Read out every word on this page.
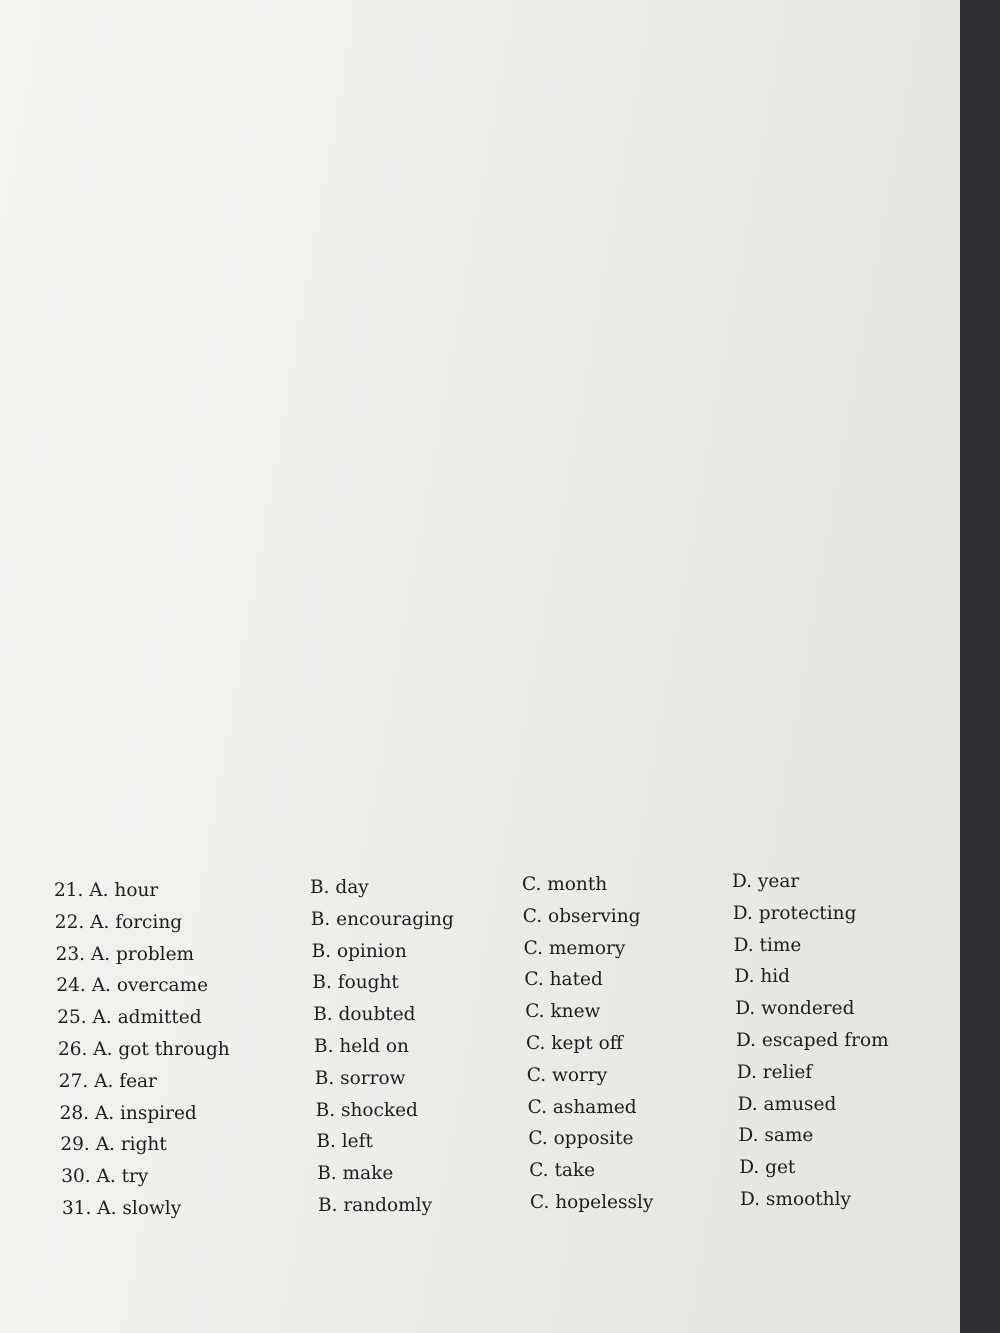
21. A. hour	B. day	C. month	D. year
22. A. forcing	B. encouraging	C. observing	D. protecting
23. A. problem	B. opinion	C. memory	D. time
24. A. overcame	B. fought	C. hated	D. hid
25. A. admitted	B. doubted	C. knew	D. wondered
26. A. got through	B. held on	C. kept off	D. escaped from
27. A. fear	B. sorrow	C. worry	D. relief
28. A. inspired	B. shocked	C. ashamed	D. amused
29. A. right	B. left	C. opposite	D. same
30. A. try	B. make	C. take	D. get
31. A. slowly	B. randomly	C. hopelessly	D. smoothly
